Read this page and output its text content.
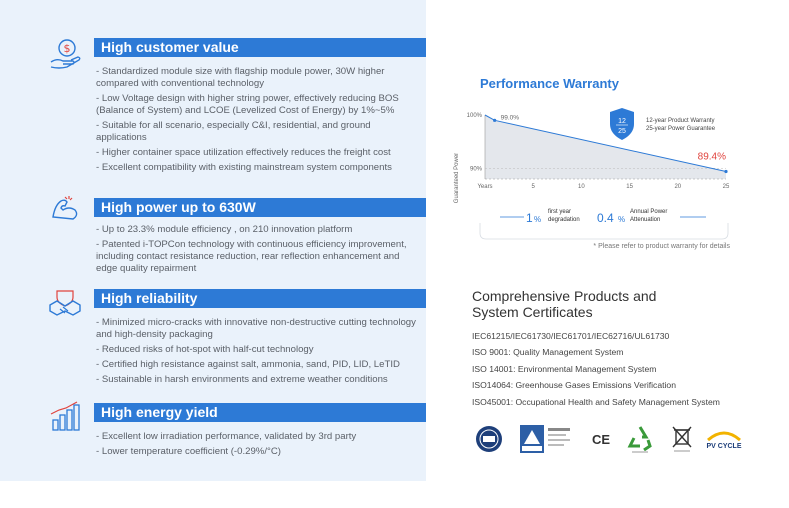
$	High customer value
- Standardized module size with flagship module power, 30W higher compared with conventional technology
- Low Voltage design with higher string power, effectively reducing BOS (Balance of System) and LCOE (Levelized Cost of Energy) by 1%~5%
- Suitable for all scenario, especially C&I, residential, and ground applications
- Higher container space utilization effectively reduces the freight cost
- Excellent compatibility with existing mainstream system components
High power up to 630W
- Up to 23.3% module efficiency , on 210 innovation platform
- Patented i-TOPCon technology with continuous efficiency improvement, including contact resistance reduction, rear reflection enhancement and edge quality repairment
High reliability
- Minimized micro-cracks with innovative non-destructive cutting technology and high-density packaging
- Reduced risks of hot-spot with half-cut technology
- Certified high resistance against salt, ammonia, sand, PID, LID, LeTID
- Sustainable in harsh environments and extreme weather conditions
High energy yield
- Excellent low irradiation performance, validated by 3rd party
- Lower temperature coefficient (-0.29%/°C)
Performance Warranty
100%
90%
5	10	15	20	25
Years
99.0%
89.4%
Guaranteed Power
12
25
12-year Product Warranty
25-year Power Guarantee
1 %
first year
degradation 0.4 %
Annual Power
Attenuation
* Please refer to product warranty for details
Comprehensive Products and
System Certificates
IEC61215/IEC61730/IEC61701/IEC62716/UL61730
ISO 9001: Quality Management System
ISO 14001: Environmental Management System
ISO14064: Greenhouse Gases Emissions Verification
ISO45001: Occupational Health and Safety Management System
CE	PV CYCLE
